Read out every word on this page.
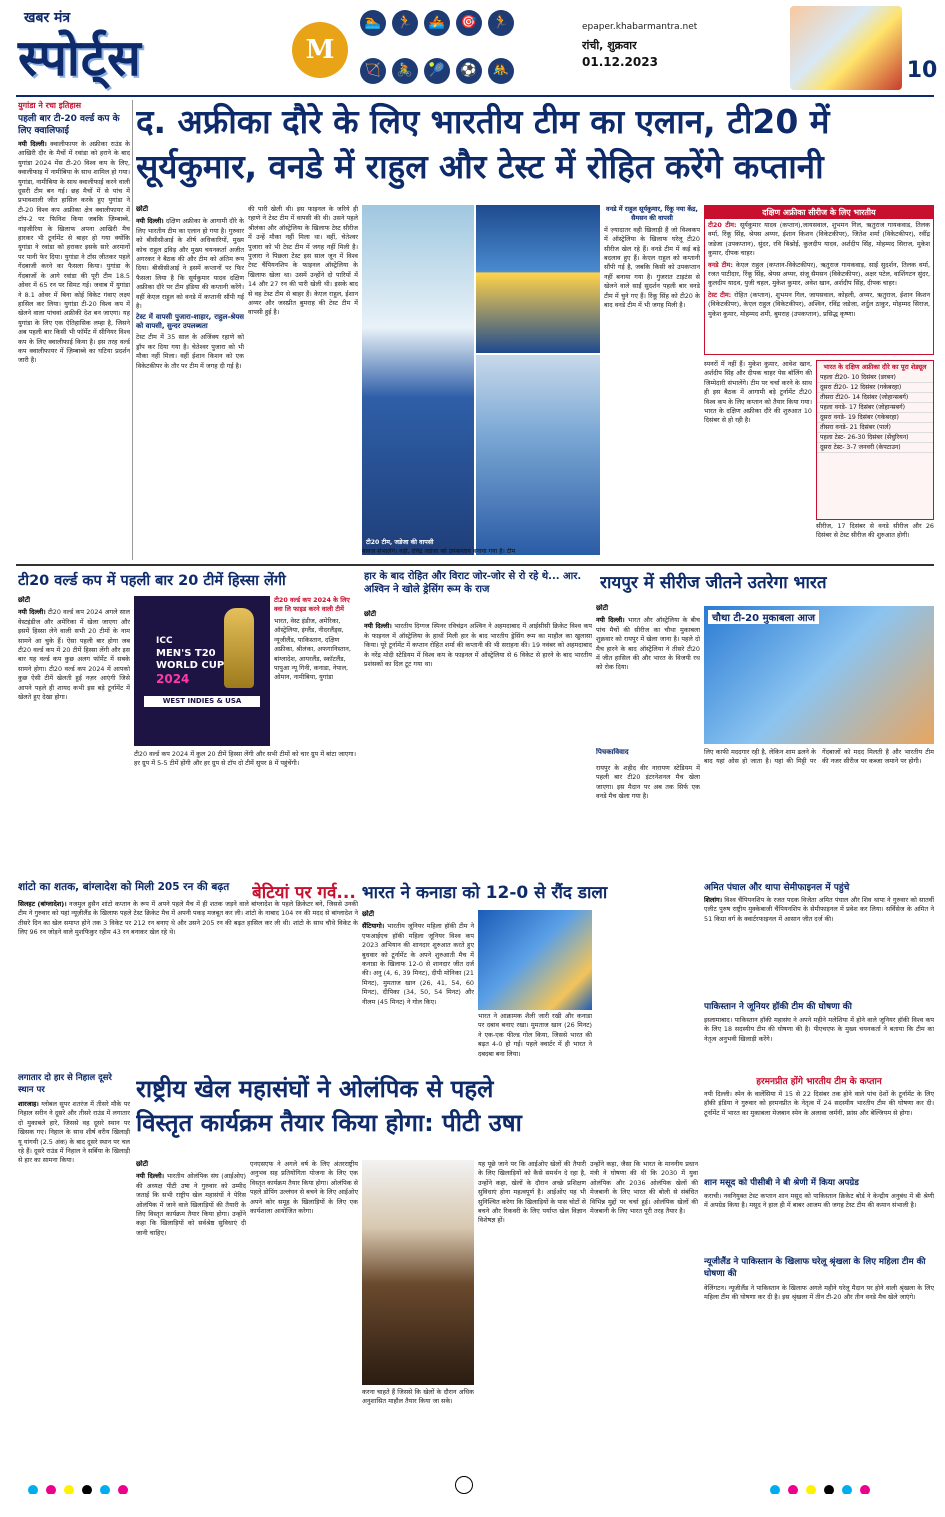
खबर मंत्र
स्पोर्ट्स	M
🏊	🏃	🚣	🎯	🏃
🏹	🚴	🎾	⚽	🤼
epaper.khabarmantra.net
रांची, शुक्रवार
01.12.2023	10
युगांडा ने रचा इतिहास
पहली बार टी-20 वर्ल्ड कप के लिए क्वालिफाई
नयी दिल्ली। क्वालीफायर के अफ्रीका राउंड के आखिरी दौर के मैचों में रवांडा को हराने के बाद युगांडा 2024 मेंस टी-20 विश्व कप के लिए, क्वालीफाइ में नामीबिया के साथ शामिल हो गया। युगांडा, नामीबिया के साथ क्वालीफाई करने वाली दूसरी टीम बन गई। छह मैचों में से पांच में प्रभावशाली जीत हासिल करके हुए युगांडा ने टी-20 विश्व कप अफ्रीका क्षेत्र क्वालीफायर में टॉप-2 पर फिनिश किया जबकि ज़िम्बाब्वे, नाइजीरिया के खिलाफ अपना आखिरी मैच हारकर भी टूर्नामेंट से बाहर हो गया क्योंकि युगांडा ने रवांडा को हराकर इसके सारे अरमानों पर पानी फेर दिया। युगांडा ने टॉस जीतकर पहले गेंदबाजी करने का फैसला किया। युगांडा के गेंदबाजों के आगे रवांडा की पूरी टीम 18.5 ओवर में 65 रन पर सिमट गई। जवाब में युगांडा ने 8.1 ओवर में बिना कोई विकेट गंवाए लक्ष्य हासिल कर लिया। युगांडा टी-20 विश्व कप में खेलने वाला पांचवां अफ्रीकी देश बन जाएगा। यह युगांडा के लिए एक ऐतिहासिक लम्हा है, जिसने अब पहली बार किसी भी फॉर्मेट में सीनियर विश्व कप के लिए क्वालीफाई किया है। इस तरह वर्ल्ड कप क्वालीफायर में ज़िम्बाब्वे का घटिया प्रदर्शन जारी है।
द. अफ्रीका दौरे के लिए भारतीय टीम का एलान, टी20 में
सूर्यकुमार, वनडे में राहुल और टेस्ट में रोहित करेंगे कप्तानी
छोटी

नयी दिल्ली। दक्षिण अफ्रीका के आगामी दौरे के लिए भारतीय टीम का एलान हो गया है। गुरुवार को बीसीसीआई के शीर्ष अधिकारियों, मुख्य कोच राहुल द्रविड़ और मुख्य चयनकर्ता अजीत अगरकर ने बैठक की और टीम को अंतिम रूप दिया। बीसीसीआई ने इसमें कप्तानों पर फिर फैसला लिया है कि सूर्यकुमार यादव दक्षिण अफ्रीका दौरे पर टीम इंडिया की कप्तानी करेंगे। वहीं केएल राहुल को वनडे में कप्तानी सौंपी गई है।

टेस्ट में वापसी पुजारा-शाहार, राहुल-श्रेयस को वापसी, सुन्दर उपलब्धता

टेस्ट टीम में 35 साल के अजिंक्य रहाणे को ड्रॉप कर दिया गया है। चेतेश्वर पुजारा को भी मौका नहीं मिला। वहीं ईशान किशन को एक विकेटकीपर के तौर पर टीम में जगह दी गई है।

की पारी खेली थी। इस फाइनल के जरिये ही रहाणे ने टेस्ट टीम में वापसी की थी। उसने पहले श्रीलंका और ऑस्ट्रेलिया के खिलाफ टेस्ट सीरीज में उन्हें मौका नहीं मिला था। वहीं, चेतेश्वर पुजारा को भी टेस्ट टीम में जगह नहीं मिली है। पुजारा ने पिछला टेस्ट इस साल जून में विश्व टेस्ट चैंपियनशिप के फाइनल ऑस्ट्रेलिया के खिलाफ खेला था। उसमें उन्होंने दो पारियों में 14 और 27 रन की पारी खेली थी। इसके बाद से वह टेस्ट टीम से बाहर हैं। केएल राहुल, ईशान अय्यर और जसप्रीत बुमराह की टेस्ट टीम में वापसी हुई है।

टी20 टीम, जडेजा की वापसी
बावज संभालेंगे। वहीं, रविंद्र जडेजा को उपकप्तान बनाया गया है। टीम

वनडे में राहुल सूर्यकुमार, रिंकू नया केंद्र, सैमसन की वापसी

में ज़्यादातर वही खिलाड़ी हैं जो विश्वकप में ऑस्ट्रेलिया के खिलाफ घरेलू टी20 सीरीज खेल रहे हैं। वनडे टीम में कई बड़े बदलाव हुए हैं। केएल राहुल को कप्तानी सौंपी गई है, जबकि किसी को उपकप्तान नहीं बनाया गया है। गुजरात टाइटंस से खेलने वाले साईं सुदर्शन पहली बार वनडे टीम में चुने गए हैं। रिंकू सिंह को टी20 के बाद वनडे टीम में भी जगह मिली है।

दक्षिण अफ्रीका सीरीज के लिए भारतीय

टी20 टीम: सूर्यकुमार यादव (कप्तान),जायसवाल, शुभमन गिल, ऋतुराज गायकवाड, तिलक वर्मा, रिंकू सिंह, श्रेयस अय्यर, ईशान किशन (विकेटकीपर), जितेश शर्मा (विकेटकीपर), रवींद्र जडेजा (उपकप्तान), सुंदर, रवि बिश्नोई, कुलदीप यादव, अर्शदीप सिंह, मोहम्मद सिराज, मुकेश कुमार, दीपक चाहर।

वनडे टीम: केएल राहुल (कप्तान-विकेटकीपर), ऋतुराज गायकवाड़, साईं सुदर्शन, तिलक वर्मा, रजत पाटीदार, रिंकू सिंह, श्रेयस अय्यर, संजू सैमसन (विकेटकीपर), अक्षर पटेल, वाशिंगटन सुंदर, कुलदीप यादव, युजी चहल, मुकेश कुमार, अवेश खान, अर्शदीप सिंह, दीपक चाहर।

टेस्ट टीम: रोहित (कप्तान), शुभमन गिल, जायसवाल, कोहली, अय्यर, ऋतुराज, ईशान किशन (विकेटकीपर), केएल राहुल (विकेटकीपर), अश्विन, रविंद्र जडेजा, शर्दुल ठाकुर, मोहम्मद सिराज, मुकेश कुमार, मोहम्मद शमी, बुमराह (उपकप्तान), प्रसिद्ध कृष्णा।

स्पनरों में नहीं हैं। मुकेश कुमार, आवेश खान, अर्शदीप सिंह और दीपक चाहर पेस बॉलिंग की जिम्मेदारी संभालेंगे। टीम पर चर्चा करने के साथ ही इस बैठक में आगामी बड़े टूर्नामेंट टी20 विश्व कप के लिए कप्तान को तैयार किया गया। भारत के दक्षिण अफ्रीका दौरे की शुरुआत 10 दिसंबर से हो रही है।

भारत के दक्षिण अफ्रीका दौरे का पूरा शेड्यूल
पहला टी20- 10 दिसंबर (डरबन)
दूसरा टी20- 12 दिसंबर (गकेबरहा)
तीसरा टी20- 14 दिसंबर (जोहान्सबर्ग)
पहला वनडे- 17 दिसंबर (जोहान्सबर्ग)
दूसरा वनडे- 19 दिसंबर (गकेबरहा)
तीसरा वनडे- 21 दिसंबर (पार्ल)
पहला टेस्ट- 26-30 दिसंबर (सेंचुरियन)
दूसरा टेस्ट- 3-7 जनवरी (केपटाउन)
सीरीज, 17 दिसंबर से वनडे सीरीज और 26 दिसंबर से टेस्ट सीरीज की शुरुआत होगी।
टी20 वर्ल्ड कप में पहली बार 20 टीमें हिस्सा लेंगी
छोटी

नयी दिल्ली। टी20 वर्ल्ड कप 2024 अगले साल वेस्टइंडीज और अमेरिका में खेला जाएगा और इसमें हिस्सा लेने वाली सभी 20 टीमों के नाम सामने आ चुके हैं। ऐसा पहली बार होगा जब टी20 वर्ल्ड कप में 20 टीमें हिस्सा लेंगी और इस बार यह वर्ल्ड कप कुछ अलग फॉर्मेट में सबके सामने होगा। टी20 वर्ल्ड कप 2024 में आपको कुछ ऐसी टीमें खेलती हुई नज़र आएंगी जिसे आपने पहले ही शायद कभी इस बड़े टूर्नामेंट में खेलते हुए देखा होगा।

ICC
MEN'S T20
WORLD CUP
2024
WEST INDIES & USA
टी20 वर्ल्ड कप 2024 के लिए क्वा लि फाइड करने वाली टीमें
भारत, वेस्ट इंडीज, अमेरिका, ऑस्ट्रेलिया, इंग्लैंड, नीदरलैंड्स, न्यूजीलैंड, पाकिस्तान, दक्षिण अफ्रीका, श्रीलंका, अफगानिस्तान, बांग्लादेश, आयरलैंड, स्कॉटलैंड, पापुआ न्यू गिनी, कनाडा, नेपाल, ओमान, नामीबिया, युगांडा
टी20 वर्ल्ड कप 2024 में कुल 20 टीमें हिस्सा लेंगी और सभी टीमों को चार ग्रुप में बांटा जाएगा। हर ग्रुप में 5-5 टीमें होंगी और हर ग्रुप से टॉप दो टीमें सुपर 8 में पहुंचेंगी।
हार के बाद रोहित और विराट जोर-जोर से रो रहे थे... आर. अश्विन ने खोले ड्रेसिंग रूम के राज
छोटी

नयी दिल्ली। भारतीय दिग्गज स्पिनर रविचंद्रन अश्विन ने अहमदाबाद में आईसीसी क्रिकेट विश्व कप के फाइनल में ऑस्ट्रेलिया के हाथों मिली हार के बाद भारतीय ड्रेसिंग रूम का माहौल का खुलासा किया। पूरे टूर्नामेंट में कप्तान रोहित शर्मा की कप्तानी की भी सराहना की। 19 नवंबर को अहमदाबाद के नरेंद्र मोदी स्टेडियम में विश्व कप के फाइनल में ऑस्ट्रेलिया से 6 विकेट से हारने के बाद भारतीय प्रशंसकों का दिल टूट गया था।

रायपुर में सीरीज जीतने उतरेगा भारत
छोटी

नयी दिल्ली। भारत और ऑस्ट्रेलिया के बीच पांच मैचों की सीरीज का चौथा मुकाबला शुक्रवार को रायपुर में खेला जाना है। पहले दो मैच हारने के बाद ऑस्ट्रेलिया ने तीसरे टी20 में जीत हासिल की और भारत के विजयी रथ को रोक दिया।

पिचकाविवाद
रायपुर के शहीद वीर नारायण स्टेडियम में पहली बार टी20 इंटरनेशनल मैच खेला जाएगा। इस मैदान पर अब तक सिर्फ एक वनडे मैच खेला गया है।
चौथा टी-20 मुकाबला आज
लिए काफी मददगार रही है, लेकिन शाम ढलने के बाद यहां ओस हो जाता है। यहां की मिट्टी पर गेंदबाजों को मदद मिलती है और भारतीय टीम की नजर सीरीज पर कब्जा जमाने पर होगी।
शांटो का शतक, बांग्लादेश को मिली 205 रन की बढ़त

सिलहट (बांग्लादेश)। नजमुल हुसैन शांटो कप्तान के रूप में अपने पहले मैच में ही शतक जड़ने वाले बांग्लादेश के पहले क्रिकेटर बने, जिससे उनकी टीम ने गुरुवार को यहां न्यूज़ीलैंड के खिलाफ पहले टेस्ट क्रिकेट मैच में अपनी पकड़ मजबूत कर ली। शांटो के नाबाद 104 रन की मदद से बांग्लादेश ने तीसरे दिन का खेल समाप्त होने तक 3 विकेट पर 212 रन बनाए थे और उसने 205 रन की बढ़त हासिल कर ली थी। शांटो के साथ चौथे विकेट के लिए 96 रन जोड़ने वाले मुशफिकुर रहीम 43 रन बनाकर खेल रहे थे।

बेटियां पर गर्व... भारत ने कनाडा को 12-0 से रौंद डाला
छोटी

सैंटियागो। भारतीय जूनियर महिला हॉकी टीम ने एफआईएच हॉकी महिला जूनियर विश्व कप 2023 अभियान की शानदार शुरुआत करते हुए बुधवार को टूर्नामेंट के अपने शुरुआती मैच में कनाडा के खिलाफ 12-0 से शानदार जीत दर्ज की। अनु (4, 6, 39 मिनट), दीपी मोनिका (21 मिनट), मुमताज खान (26, 41, 54, 60 मिनट), दीपिका (34, 50, 54 मिनट) और नीलम (45 मिनट) ने गोल किए।

भारत ने आक्रामक शैली जारी रखी और कनाडा पर दबाव बनाए रखा। मुमताज खान (26 मिनट) ने एक-एक फील्ड गोल किया, जिससे भारत की बढ़त 4-0 हो गई। पहले क्वार्टर में ही भारत ने दबदबा बना लिया।
अमित पंघाल और थापा सेमीफाइनल में पहुंचे

शिलांग। विश्व चैंपियनशिप के रजत पदक विजेता अमित पंघाल और शिव थापा ने गुरुवार को सातवीं एलीट पुरुष राष्ट्रीय मुक्केबाजी चैंपियनशिप के सेमीफाइनल में प्रवेश कर लिया। सर्विसेज के अमित ने 51 किग्रा वर्ग के क्वार्टरफाइनल में आसान जीत दर्ज की।

पाकिस्तान ने जूनियर हॉकी टीम की घोषणा की
इस्लामाबाद। पाकिस्तान हॉकी महासंघ ने अपने महीने मलेशिया में होने वाले जूनियर हॉकी विश्व कप के लिए 18 सदस्यीय टीम की घोषणा की है। पीएचएफ के मुख्य चयनकर्ता ने बताया कि टीम का नेतृत्व अनुभवी खिलाड़ी करेंगे।
हरमनप्रीत होंगे भारतीय टीम के कप्तान
नयी दिल्ली। स्पेन के वालेंसिया में 15 से 22 दिसंबर तक होने वाले पांच देशों के टूर्नामेंट के लिए हॉकी इंडिया ने गुरुवार को हरमनप्रीत के नेतृत्व में 24 सदस्यीय भारतीय टीम की घोषणा कर दी। टूर्नामेंट में भारत का मुकाबला मेजबान स्पेन के अलावा जर्मनी, फ्रांस और बेल्जियम से होगा।
शान मसूद को पीसीबी ने बी श्रेणी में किया अपग्रेड
कराची। नवनियुक्त टेस्ट कप्तान शान मसूद को पाकिस्तान क्रिकेट बोर्ड ने केन्द्रीय अनुबंध में बी श्रेणी में अपग्रेड किया है। मसूद ने हाल ही में बाबर आजम की जगह टेस्ट टीम की कमान संभाली है।
न्यूजीलैंड ने पाकिस्तान के खिलाफ घरेलू श्रृंखला के लिए महिला टीम की घोषणा की
वेलिंगटन। न्यूजीलैंड ने पाकिस्तान के खिलाफ अगले महीने घरेलू मैदान पर होने वाली श्रृंखला के लिए महिला टीम की घोषणा कर दी है। इस श्रृंखला में तीन टी-20 और तीन वनडे मैच खेले जाएंगे।
लगातार दो हार से निहाल दूसरे स्थान पर

शारजाह। ग्लोबल सुपर शतरंज में तीसरे मौके पर निहाल सरीन ने दूसरे और तीसरे राउंड में लगातार दो मुकाबले हारे, जिससे वह दूसरे स्थान पर खिसक गए। निहाल के साथ शीर्ष वरीय खिलाड़ी यू यांगयी (2.5 अंक) के बाद दूसरे स्थान पर चल रहे हैं। दूसरे राउंड में निहाल ने सर्बिया के खिलाड़ी से हार का सामना किया।

राष्ट्रीय खेल महासंघों ने ओलंपिक से पहले
विस्तृत कार्यक्रम तैयार किया होगा: पीटी उषा
छोटी

नयी दिल्ली। भारतीय ओलंपिक संघ (आईओए) की अध्यक्ष पीटी उषा ने गुरुवार को उम्मीद जताई कि सभी राष्ट्रीय खेल महासंघों ने पेरिस ओलंपिक में जाने वाले खिलाड़ियों की तैयारी के लिए विस्तृत कार्यक्रम तैयार किया होगा। उन्होंने कहा कि खिलाड़ियों को सर्वश्रेष्ठ सुविधाएं दी जानी चाहिए।

एनएसएफ ने अगले वर्ष के लिए अंतरराष्ट्रीय अनुभव सह प्रतियोगिता योजना के लिए एक विस्तृत कार्यक्रम तैयार किया होगा। ओलंपिक से पहले डोपिंग उल्लंघन से बचने के लिए आईओए अपने कोर समूह के खिलाड़ियों के लिए एक कार्यशाला आयोजित करेगा।
करना चाहते हैं जिससे कि खेलों के दौरान अधिक अनुशासित माहौल तैयार किया जा सके।
यह पूछे जाने पर कि आईओए खेलों की तैयारी के लिए खिलाड़ियों को कैसे समर्थन दे रहा है, उन्होंने कहा, खेलों के दौरान अच्छे प्रशिक्षण सुविधाएं होना महत्वपूर्ण है। आईओए यह भी सुनिश्चित करेगा कि खिलाड़ियों के पास चोटों से बचने और रिकवरी के लिए पर्याप्त खेल विज्ञान विशेषज्ञ हों।
उन्होंने कहा, जैसा कि भारत के माननीय प्रधान मंत्री ने घोषणा की थी कि 2030 में युवा ओलंपिक और 2036 ओलंपिक खेलों की मेजबानी के लिए भारत की बोली से संबंधित विभिन्न मुद्दों पर चर्चा हुई। ओलंपिक खेलों की मेजबानी के लिए भारत पूरी तरह तैयार है।
